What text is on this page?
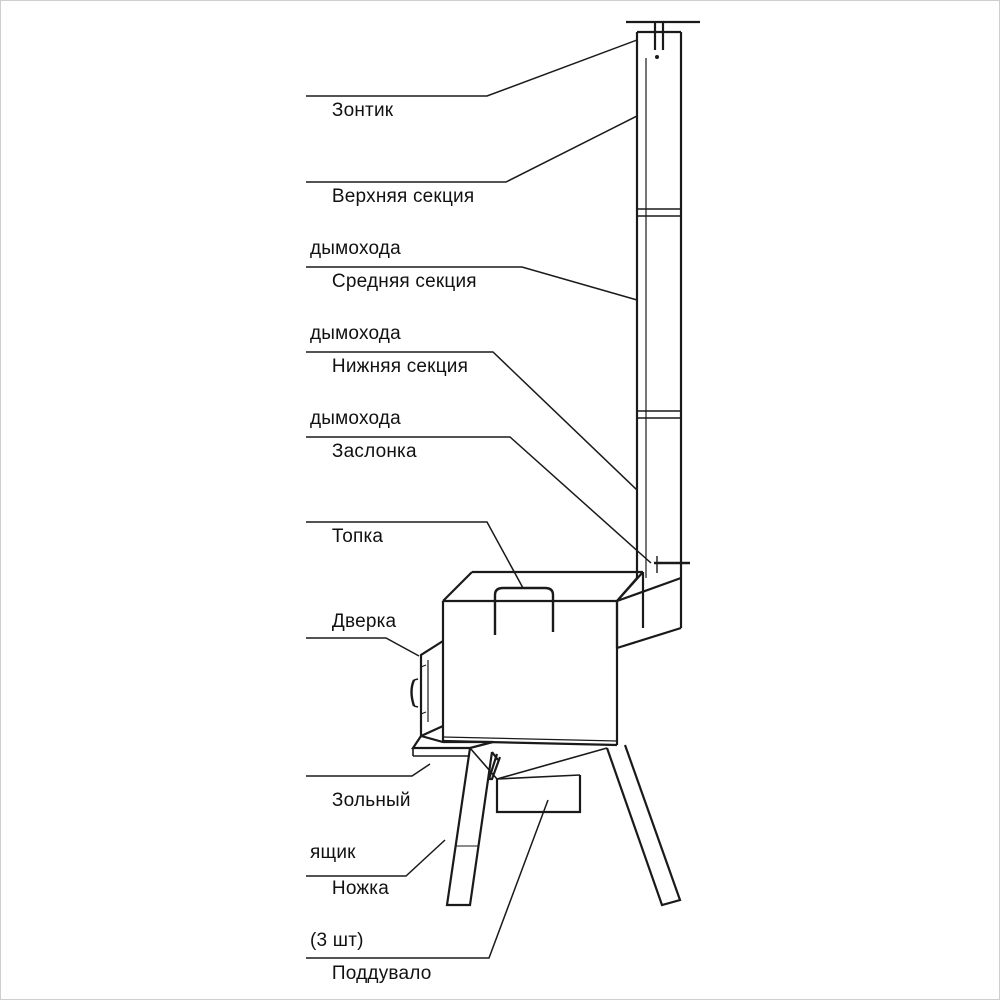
Зонтик

Верхняя секция

дымохода

Средняя секция

дымохода

Нижняя секция

дымохода

Заслонка

Топка

Дверка

Зольный

ящик

Ножка

(3 шт)

Поддувало
